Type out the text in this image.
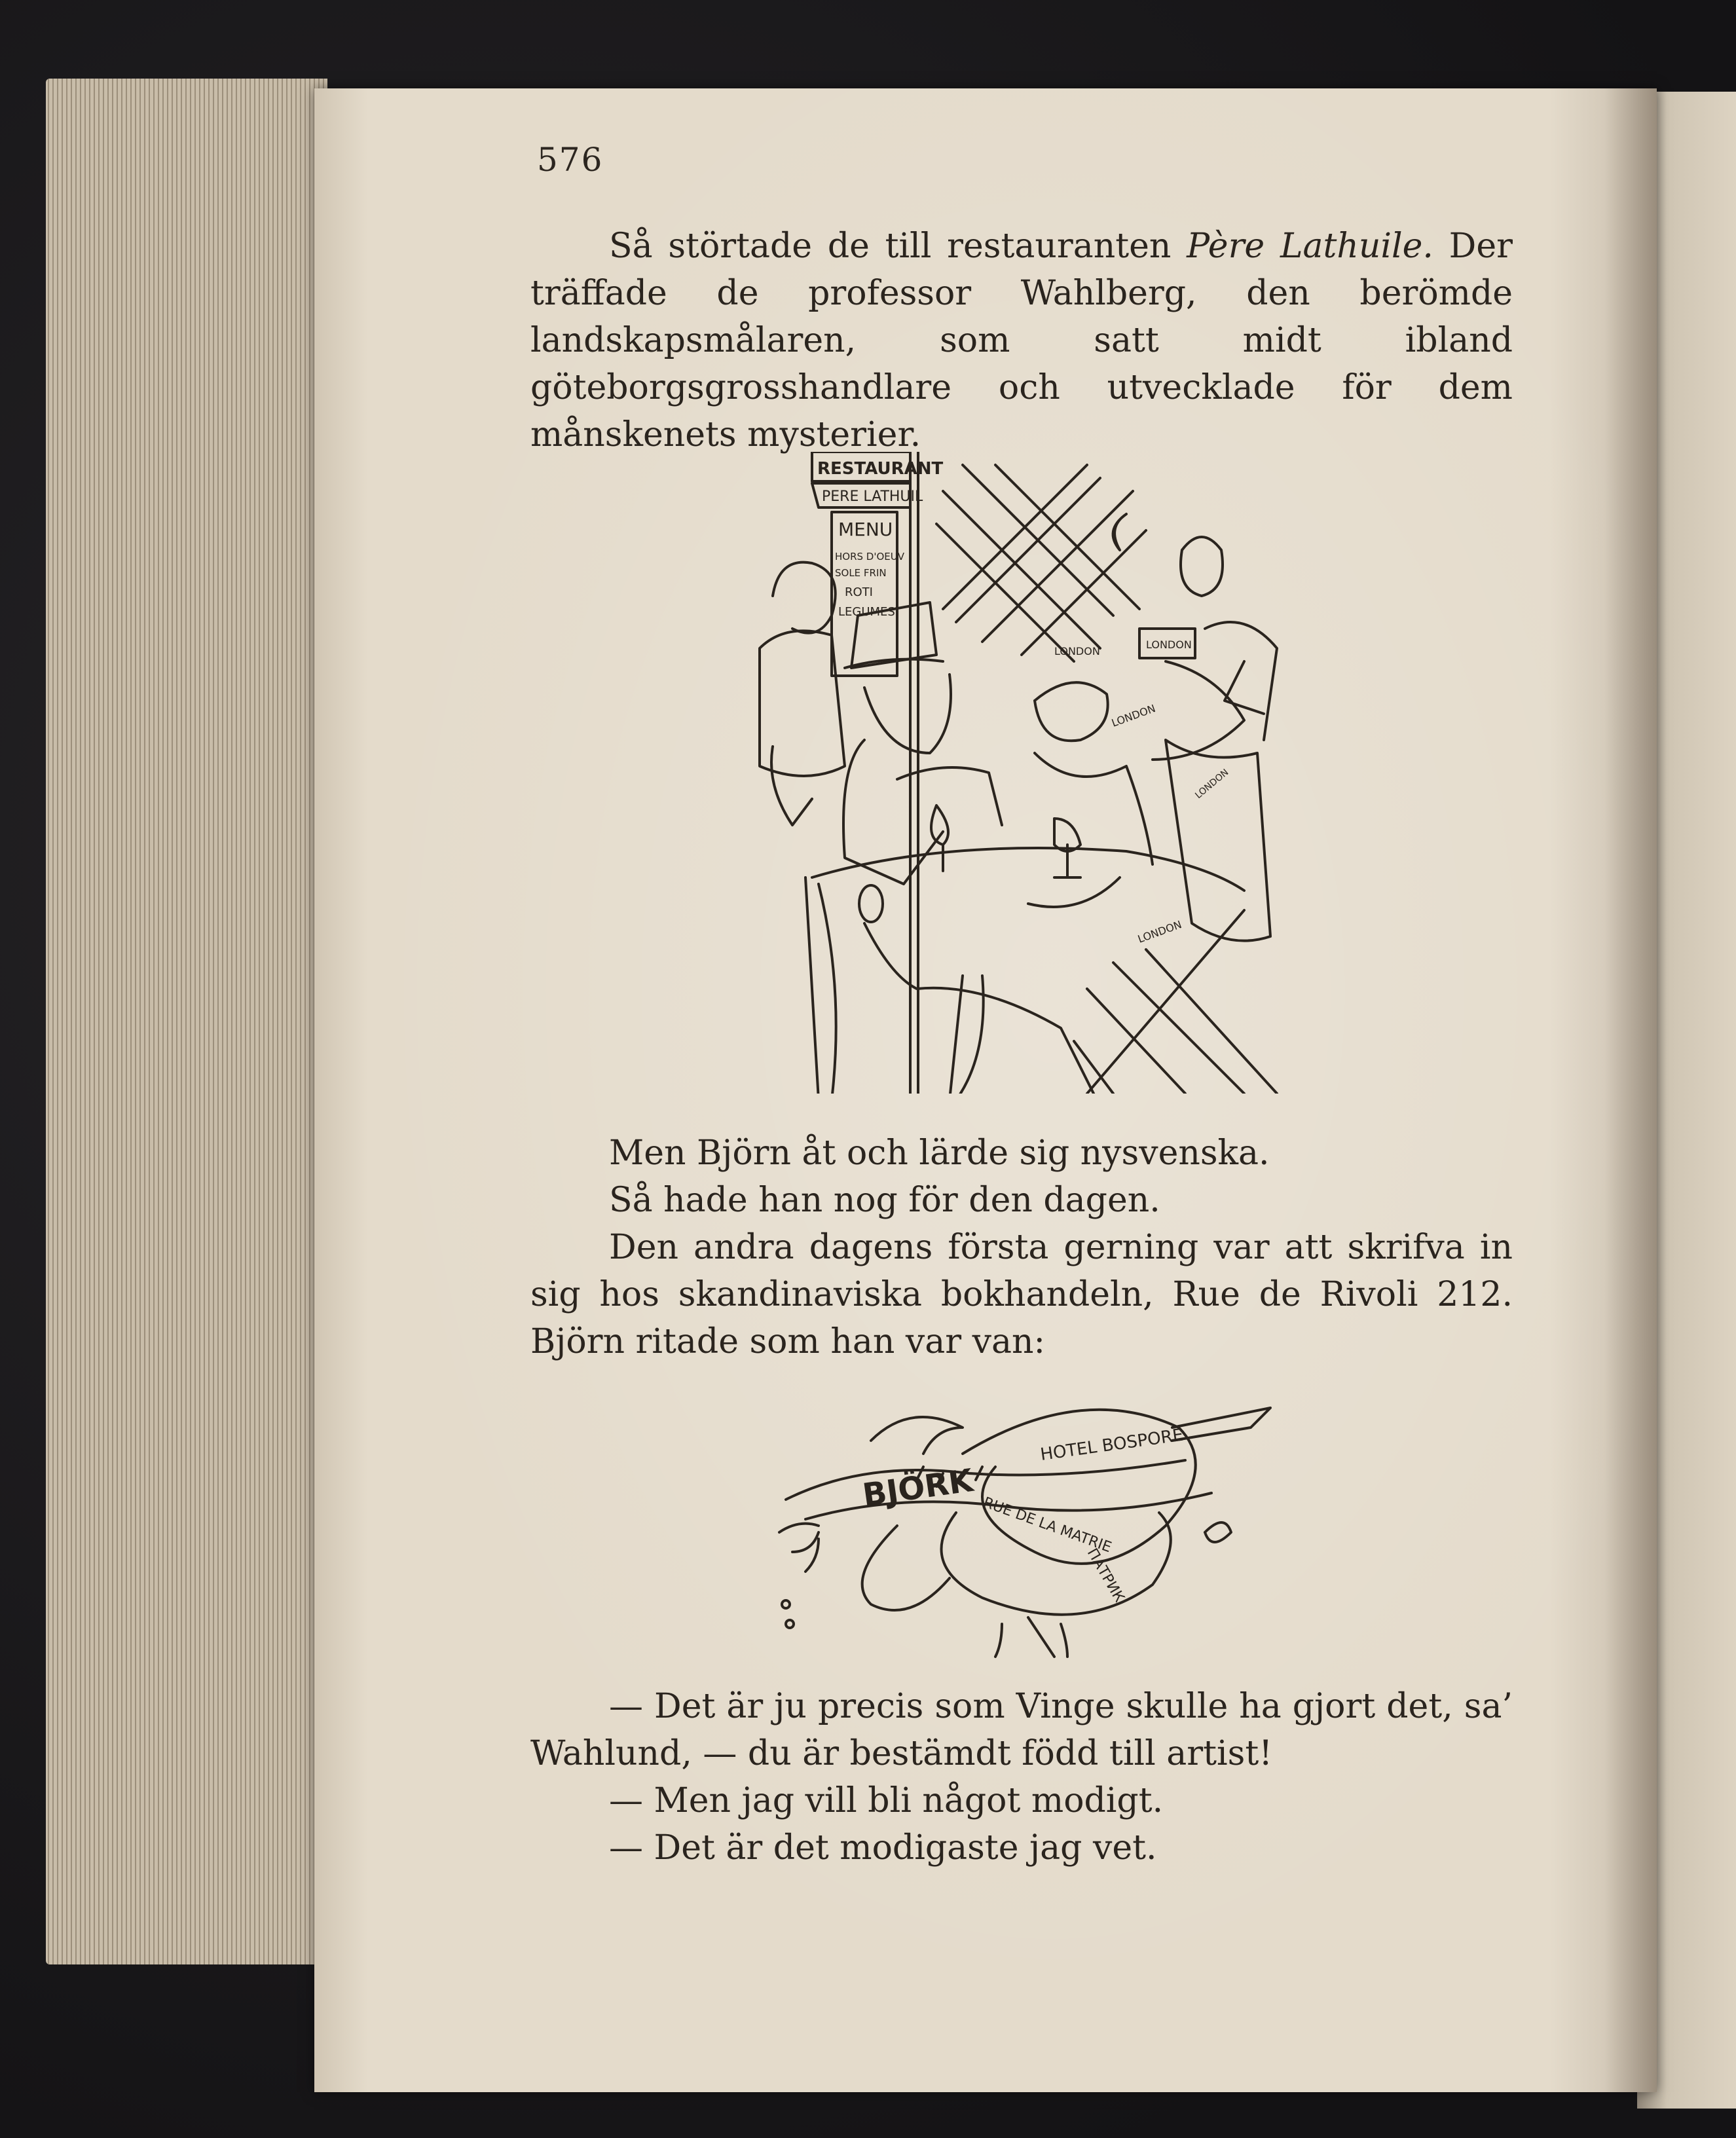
576

Så störtade de till restauranten Père Lathuile. Der träffade de professor Wahlberg, den berömde landskapsmålaren, som satt midt ibland göteborgsgrosshandlare och utvecklade för dem månskenets mysterier.

RESTAURANT
PERE LATHUIL
MENU
HORS D'OEUV
SOLE FRIN
ROTI
LEGUMES
LONDON
LONDON
LONDON
LONDON
LONDON

Men Björn åt och lärde sig nysvenska.

Så hade han nog för den dagen.

Den andra dagens första gerning var att skrifva in sig hos skandinaviska bokhandeln, Rue de Rivoli 212. Björn ritade som han var van:

BJÖRK
HOTEL BOSPORE
RUE DE LA MATRIE
ПАТРИК

— Det är ju precis som Vinge skulle ha gjort det, sa’ Wahlund, — du är bestämdt född till artist!

— Men jag vill bli något modigt.

— Det är det modigaste jag vet.
